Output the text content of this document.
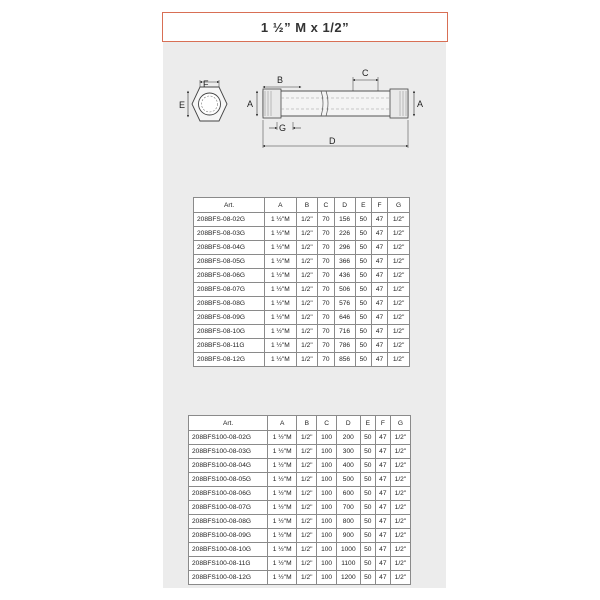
1 ½” M x 1/2”
F
E
B
C
A	A
G
D
Art.	A	B	C	D	E	F	G
208BFS-08-02G	1 ½"M	1/2"	70	156	50	47	1/2"
208BFS-08-03G	1 ½"M	1/2"	70	226	50	47	1/2"
208BFS-08-04G	1 ½"M	1/2"	70	296	50	47	1/2"
208BFS-08-05G	1 ½"M	1/2"	70	366	50	47	1/2"
208BFS-08-06G	1 ½"M	1/2"	70	436	50	47	1/2"
208BFS-08-07G	1 ½"M	1/2"	70	506	50	47	1/2"
208BFS-08-08G	1 ½"M	1/2"	70	576	50	47	1/2"
208BFS-08-09G	1 ½"M	1/2"	70	646	50	47	1/2"
208BFS-08-10G	1 ½"M	1/2"	70	716	50	47	1/2"
208BFS-08-11G	1 ½"M	1/2"	70	786	50	47	1/2"
208BFS-08-12G	1 ½"M	1/2"	70	856	50	47	1/2"
Art.	A	B	C	D	E	F	G
208BFS100-08-02G	1 ½"M	1/2"	100	200	50	47	1/2"
208BFS100-08-03G	1 ½"M	1/2"	100	300	50	47	1/2"
208BFS100-08-04G	1 ½"M	1/2"	100	400	50	47	1/2"
208BFS100-08-05G	1 ½"M	1/2"	100	500	50	47	1/2"
208BFS100-08-06G	1 ½"M	1/2"	100	600	50	47	1/2"
208BFS100-08-07G	1 ½"M	1/2"	100	700	50	47	1/2"
208BFS100-08-08G	1 ½"M	1/2"	100	800	50	47	1/2"
208BFS100-08-09G	1 ½"M	1/2"	100	900	50	47	1/2"
208BFS100-08-10G	1 ½"M	1/2"	100	1000	50	47	1/2"
208BFS100-08-11G	1 ½"M	1/2"	100	1100	50	47	1/2"
208BFS100-08-12G	1 ½"M	1/2"	100	1200	50	47	1/2"
